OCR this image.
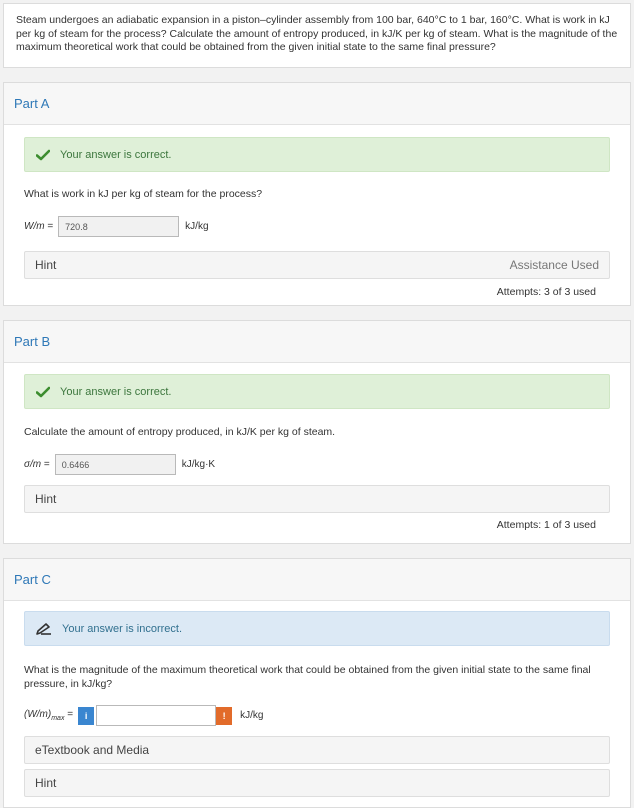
Steam undergoes an adiabatic expansion in a piston–cylinder assembly from 100 bar, 640°C to 1 bar, 160°C. What is work in kJ per kg of steam for the process? Calculate the amount of entropy produced, in kJ/K per kg of steam. What is the magnitude of the maximum theoretical work that could be obtained from the given initial state to the same final pressure?
Part A
Your answer is correct.
What is work in kJ per kg of steam for the process?
W/m =	720.8	kJ/kg
Hint	Assistance Used
Attempts: 3 of 3 used
Part B
Your answer is correct.
Calculate the amount of entropy produced, in kJ/K per kg of steam.
σ/m =	0.6466	kJ/kg·K
Hint
Attempts: 1 of 3 used
Part C
Your answer is incorrect.
What is the magnitude of the maximum theoretical work that could be obtained from the given initial state to the same final pressure, in kJ/kg?
$(W/m)_{max} = i$	! kJ/kg
eTextbook and Media
Hint
